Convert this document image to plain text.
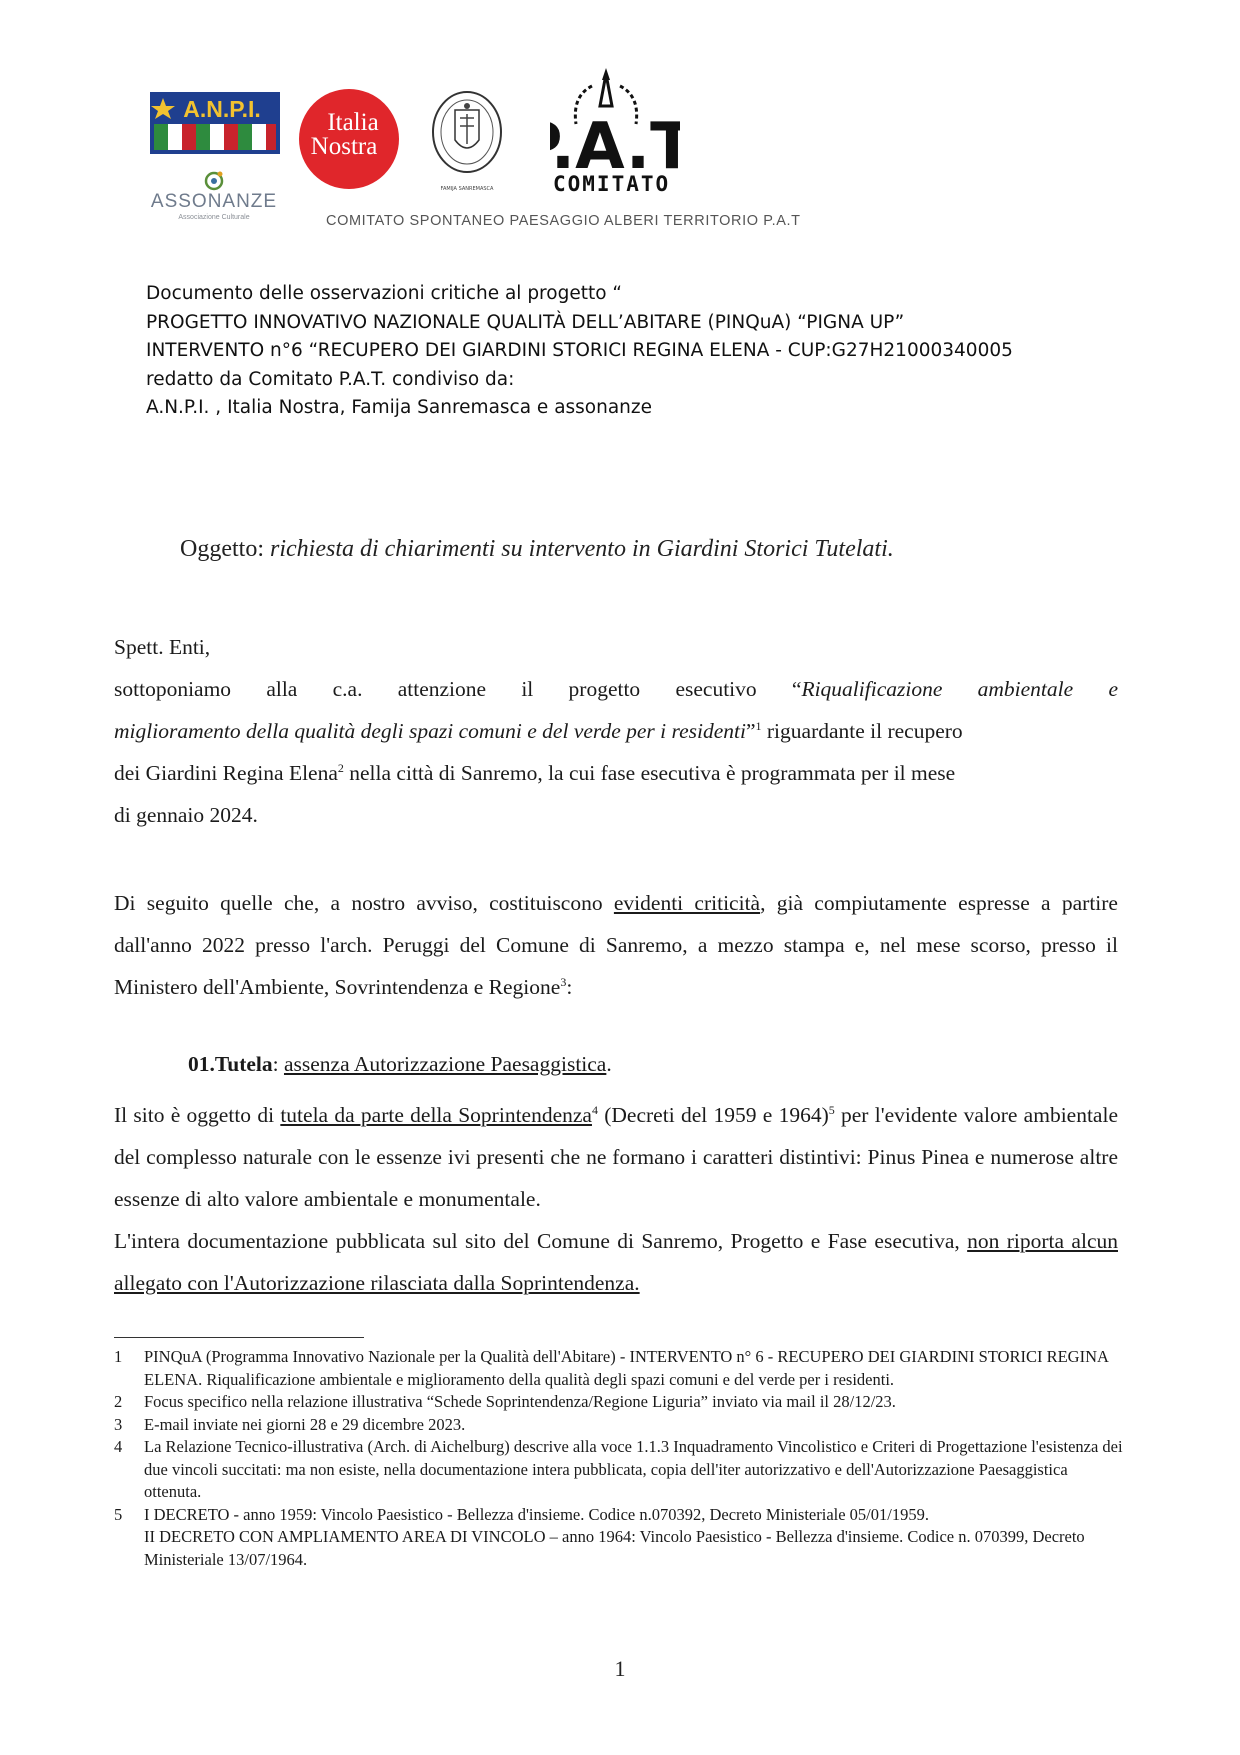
A.N.P.I.
ASSONANZE
Associazione Culturale
Italia
Nostra
FAMIJA SANREMASCA
.A.T
COMITATO
COMITATO SPONTANEO PAESAGGIO ALBERI TERRITORIO P.A.T
Documento delle osservazioni critiche al progetto “
PROGETTO INNOVATIVO NAZIONALE QUALITÀ DELL’ABITARE (PINQuA) “PIGNA UP”
INTERVENTO n°6 “RECUPERO DEI GIARDINI STORICI REGINA ELENA - CUP:G27H21000340005
redatto da Comitato P.A.T. condiviso da:
A.N.P.I. , Italia Nostra, Famija Sanremasca e assonanze
Oggetto: richiesta di chiarimenti su intervento in Giardini Storici Tutelati.
Spett. Enti,
sottoponiamo alla c.a. attenzione il progetto esecutivo “Riqualificazione ambientale e
miglioramento della qualità degli spazi comuni e del verde per i residenti”$^1$ riguardante il recupero
dei Giardini Regina Elena$^2$ nella città di Sanremo, la cui fase esecutiva è programmata per il mese
di gennaio 2024.
Di seguito quelle che, a nostro avviso, costituiscono evidenti criticità, già compiutamente espresse a partire dall'anno 2022 presso l'arch. Peruggi del Comune di Sanremo, a mezzo stampa e, nel mese scorso, presso il Ministero dell'Ambiente, Sovrintendenza e Regione$^3$:
01.Tutela: assenza Autorizzazione Paesaggistica.
Il sito è oggetto di tutela da parte della Soprintendenza$^4$ (Decreti del 1959 e 1964)$^5$ per l'evidente valore ambientale del complesso naturale con le essenze ivi presenti che ne formano i caratteri distintivi: Pinus Pinea e numerose altre essenze di alto valore ambientale e monumentale.
L'intera documentazione pubblicata sul sito del Comune di Sanremo, Progetto e Fase esecutiva, non riporta alcun allegato con l'Autorizzazione rilasciata dalla Soprintendenza.
1	PINQuA (Programma Innovativo Nazionale per la Qualità dell'Abitare) - INTERVENTO n° 6 - RECUPERO DEI GIARDINI STORICI REGINA ELENA. Riqualificazione ambientale e miglioramento della qualità degli spazi comuni e del verde per i residenti.
2	Focus specifico nella relazione illustrativa “Schede Soprintendenza/Regione Liguria” inviato via mail il 28/12/23.
3	E-mail inviate nei giorni 28 e 29 dicembre 2023.
4	La Relazione Tecnico-illustrativa (Arch. di Aichelburg) descrive alla voce 1.1.3 Inquadramento Vincolistico e Criteri di Progettazione l'esistenza dei due vincoli succitati: ma non esiste, nella documentazione intera pubblicata, copia dell'iter autorizzativo e dell'Autorizzazione Paesaggistica ottenuta.
5	I DECRETO - anno 1959: Vincolo Paesistico - Bellezza d'insieme. Codice n.070392, Decreto Ministeriale 05/01/1959.
II DECRETO CON AMPLIAMENTO AREA DI VINCOLO – anno 1964: Vincolo Paesistico - Bellezza d'insieme. Codice n. 070399, Decreto Ministeriale 13/07/1964.
1
